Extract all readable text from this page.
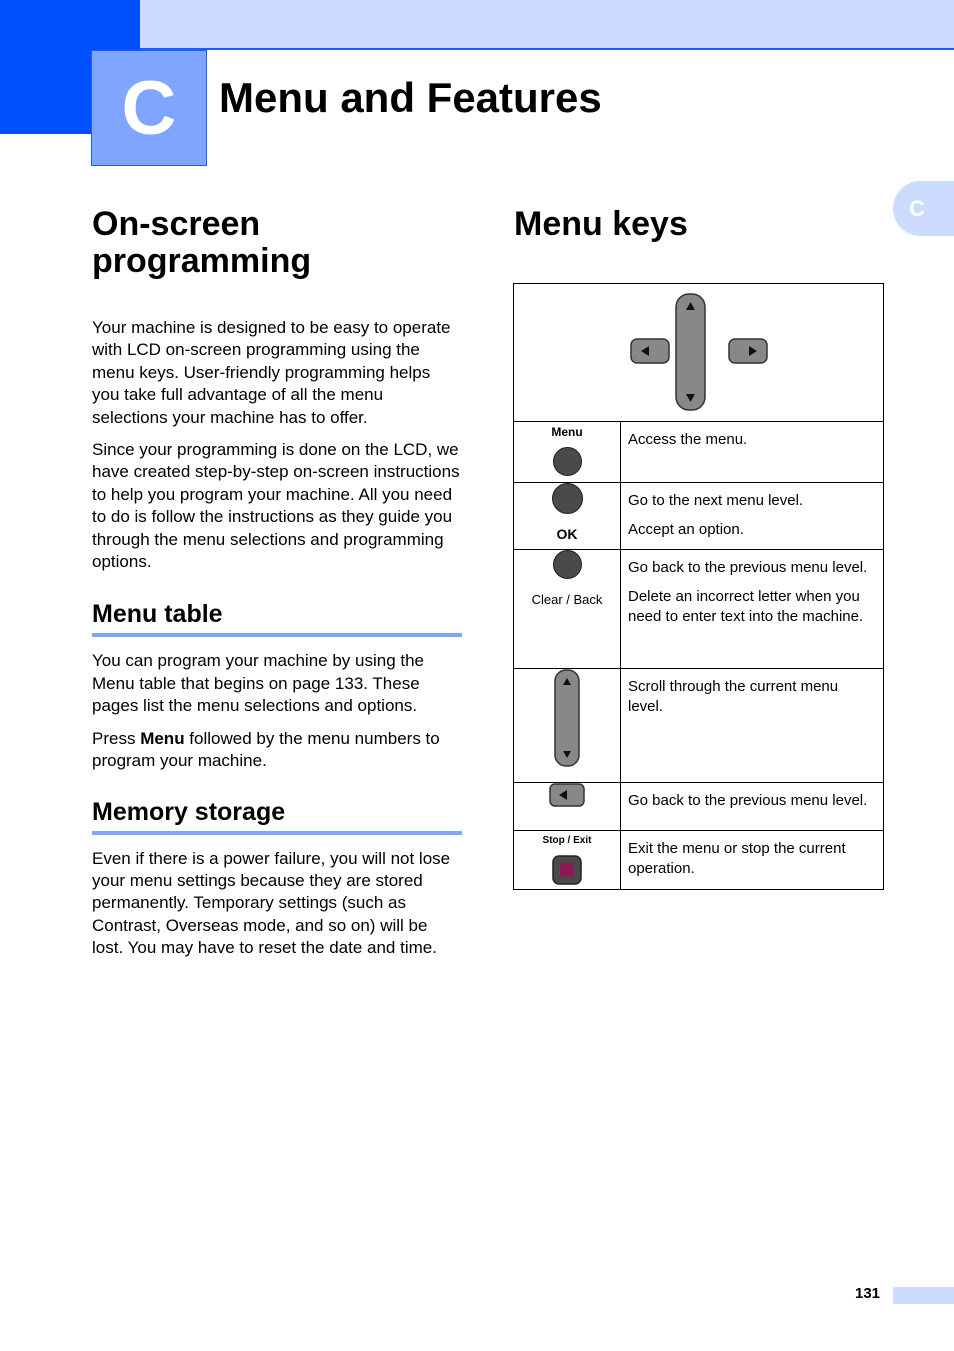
C	Menu and Features
C
On-screen programming

Your machine is designed to be easy to operate with LCD on-screen programming using the menu keys. User-friendly programming helps you take full advantage of all the menu selections your machine has to offer.

Since your programming is done on the LCD, we have created step-by-step on-screen instructions to help you program your machine. All you need to do is follow the instructions as they guide you through the menu selections and programming options.

Menu table

You can program your machine by using the Menu table that begins on page 133. These pages list the menu selections and options.

Press Menu followed by the menu numbers to program your machine.

Memory storage

Even if there is a power failure, you will not lose your menu settings because they are stored permanently. Temporary settings (such as Contrast, Overseas mode, and so on) will be lost. You may have to reset the date and time.

Menu keys

Menu	Access the menu.

OK	Go to the next menu level.
Accept an option.

Clear / Back	Go back to the previous menu level.
Delete an incorrect letter when you need to enter text into the machine.

Scroll through the current menu level.

Go back to the previous menu level.

Stop / Exit	Exit the menu or stop the current operation.
131
